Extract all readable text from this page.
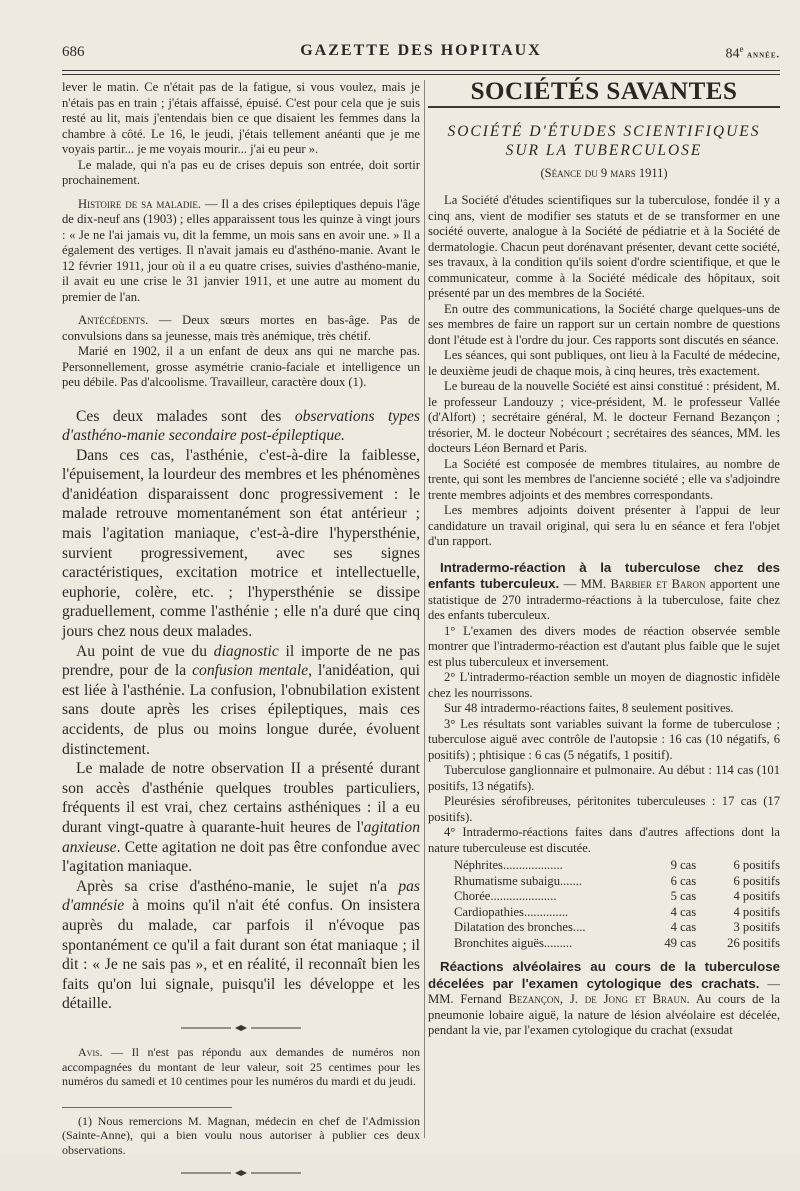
686	GAZETTE DES HOPITAUX	84e année.

lever le matin. Ce n'était pas de la fatigue, si vous voulez, mais je n'étais pas en train ; j'étais affaissé, épuisé. C'est pour cela que je suis resté au lit, mais j'entendais bien ce que disaient les femmes dans la chambre à côté. Le 16, le jeudi, j'étais tellement anéanti que je me voyais partir... je me voyais mourir... j'ai eu peur ».

Le malade, qui n'a pas eu de crises depuis son entrée, doit sortir prochainement.

Histoire de sa maladie. — Il a des crises épileptiques depuis l'âge de dix-neuf ans (1903) ; elles apparaissent tous les quinze à vingt jours : « Je ne l'ai jamais vu, dit la femme, un mois sans en avoir une. » Il a également des vertiges. Il n'avait jamais eu d'asthéno-manie. Avant le 12 février 1911, jour où il a eu quatre crises, suivies d'asthéno-manie, il avait eu une crise le 31 janvier 1911, et une autre au moment du premier de l'an.

Antécédents. — Deux sœurs mortes en bas-âge. Pas de convulsions dans sa jeunesse, mais très anémique, très chétif.

Marié en 1902, il a un enfant de deux ans qui ne marche pas. Personnellement, grosse asymétrie cranio-faciale et intelligence un peu débile. Pas d'alcoolisme. Travailleur, caractère doux (1).

Ces deux malades sont des observations types d'asthéno-manie secondaire post-épileptique.

Dans ces cas, l'asthénie, c'est-à-dire la faiblesse, l'épuisement, la lourdeur des membres et les phénomènes d'anidéation disparaissent donc progressivement : le malade retrouve momentanément son état antérieur ; mais l'agitation maniaque, c'est-à-dire l'hypersthénie, survient progressivement, avec ses signes caractéristiques, excitation motrice et intellectuelle, euphorie, colère, etc. ; l'hypersthénie se dissipe graduellement, comme l'asthénie ; elle n'a duré que cinq jours chez nous deux malades.

Au point de vue du diagnostic il importe de ne pas prendre, pour de la confusion mentale, l'anidéation, qui est liée à l'asthénie. La confusion, l'obnubilation existent sans doute après les crises épileptiques, mais ces accidents, de plus ou moins longue durée, évoluent distinctement.

Le malade de notre observation II a présenté durant son accès d'asthénie quelques troubles particuliers, fréquents il est vrai, chez certains asthéniques : il a eu durant vingt-quatre à quarante-huit heures de l'agitation anxieuse. Cette agitation ne doit pas être confondue avec l'agitation maniaque.

Après sa crise d'asthéno-manie, le sujet n'a pas d'amnésie à moins qu'il n'ait été confus. On insistera auprès du malade, car parfois il n'évoque pas spontanément ce qu'il a fait durant son état maniaque ; il dit : « Je ne sais pas », et en réalité, il reconnaît bien les faits qu'on lui signale, puisqu'il les développe et les détaille.

Avis. — Il n'est pas répondu aux demandes de numéros non accompagnées du montant de leur valeur, soit 25 centimes pour les numéros du samedi et 10 centimes pour les numéros du mardi et du jeudi.

(1) Nous remercions M. Magnan, médecin en chef de l'Admission (Sainte-Anne), qui a bien voulu nous autoriser à publier ces deux observations.

SOCIÉTÉS SAVANTES
SOCIÉTÉ D'ÉTUDES SCIENTIFIQUES
SUR LA TUBERCULOSE
(Séance du 9 mars 1911)

La Société d'études scientifiques sur la tuberculose, fondée il y a cinq ans, vient de modifier ses statuts et de se transformer en une société ouverte, analogue à la Société de pédiatrie et à la Société de dermatologie. Chacun peut dorénavant présenter, devant cette société, ses travaux, à la condition qu'ils soient d'ordre scientifique, et que le communicateur, comme à la Société médicale des hôpitaux, soit présenté par un des membres de la Société.

En outre des communications, la Société charge quelques-uns de ses membres de faire un rapport sur un certain nombre de questions dont l'étude est à l'ordre du jour. Ces rapports sont discutés en séance.

Les séances, qui sont publiques, ont lieu à la Faculté de médecine, le deuxième jeudi de chaque mois, à cinq heures, très exactement.

Le bureau de la nouvelle Société est ainsi constitué : président, M. le professeur Landouzy ; vice-président, M. le professeur Vallée (d'Alfort) ; secrétaire général, M. le docteur Fernand Bezançon ; trésorier, M. le docteur Nobécourt ; secrétaires des séances, MM. les docteurs Léon Bernard et Paris.

La Société est composée de membres titulaires, au nombre de trente, qui sont les membres de l'ancienne société ; elle va s'adjoindre trente membres adjoints et des membres correspondants.

Les membres adjoints doivent présenter à l'appui de leur candidature un travail original, qui sera lu en séance et fera l'objet d'un rapport.

Intradermo-réaction à la tuberculose chez des enfants tuberculeux. — MM. Barbier et Baron apportent une statistique de 270 intradermo-réactions à la tuberculose, faite chez des enfants tuberculeux.

1° L'examen des divers modes de réaction observée semble montrer que l'intradermo-réaction est d'autant plus faible que le sujet est plus tuberculeux et inversement.

2° L'intradermo-réaction semble un moyen de diagnostic infidèle chez les nourrissons.

Sur 48 intradermo-réactions faites, 8 seulement positives.

3° Les résultats sont variables suivant la forme de tuberculose ; tuberculose aiguë avec contrôle de l'autopsie : 16 cas (10 négatifs, 6 positifs) ; phtisique : 6 cas (5 négatifs, 1 positif).

Tuberculose ganglionnaire et pulmonaire. Au début : 114 cas (101 positifs, 13 négatifs).

Pleurésies sérofibreuses, péritonites tuberculeuses : 17 cas (17 positifs).

4° Intradermo-réactions faites dans d'autres affections dont la nature tuberculeuse est discutée.

Néphrites...................	9 cas	6 positifs
Rhumatisme subaigu.......	6 cas	6 positifs
Chorée.....................	5 cas	4 positifs
Cardiopathies..............	4 cas	4 positifs
Dilatation des bronches....	4 cas	3 positifs
Bronchites aiguës.........	49 cas	26 positifs

Réactions alvéolaires au cours de la tuberculose décelées par l'examen cytologique des crachats. — MM. Fernand Bezançon, J. de Jong et Braun. Au cours de la pneumonie lobaire aiguë, la nature de lésion alvéolaire est décelée, pendant la vie, par l'examen cytologique du crachat (exsudat
